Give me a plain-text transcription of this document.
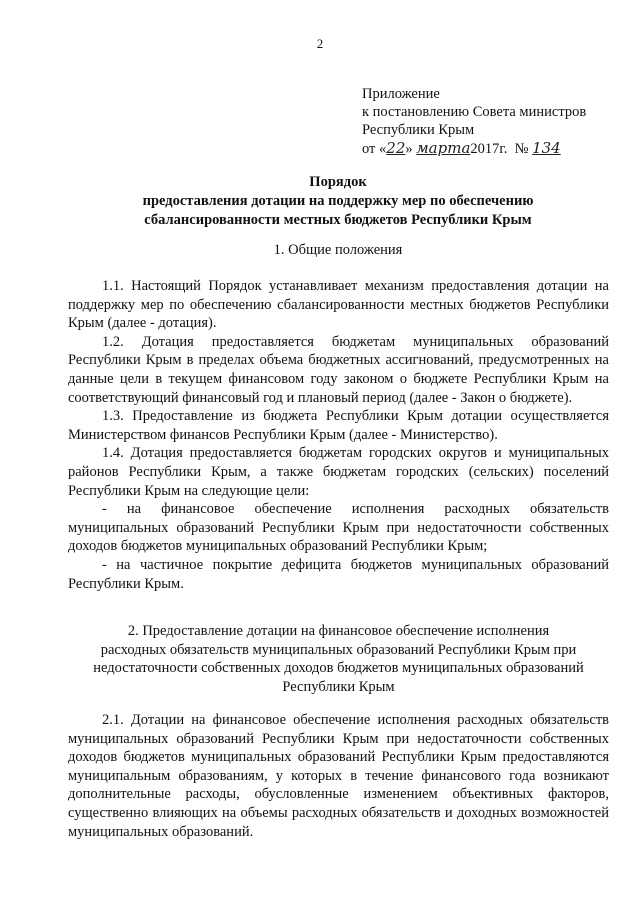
2
Приложение
к постановлению Совета министров
Республики Крым
от «22» марта2017г. № 134
Порядок
предоставления дотации на поддержку мер по обеспечению
сбалансированности местных бюджетов Республики Крым
1. Общие положения

1.1. Настоящий Порядок устанавливает механизм предоставления дотации на поддержку мер по обеспечению сбалансированности местных бюджетов Республики Крым (далее - дотация).

1.2. Дотация предоставляется бюджетам муниципальных образований Республики Крым в пределах объема бюджетных ассигнований, предусмотренных на данные цели в текущем финансовом году законом о бюджете Республики Крым на соответствующий финансовый год и плановый период (далее - Закон о бюджете).

1.3. Предоставление из бюджета Республики Крым дотации осуществляется Министерством финансов Республики Крым (далее - Министерство).

1.4. Дотация предоставляется бюджетам городских округов и муниципальных районов Республики Крым, а также бюджетам городских (сельских) поселений Республики Крым на следующие цели:

- на финансовое обеспечение исполнения расходных обязательств муниципальных образований Республики Крым при недостаточности собственных доходов бюджетов муниципальных образований Республики Крым;

- на частичное покрытие дефицита бюджетов муниципальных образований Республики Крым.

2. Предоставление дотации на финансовое обеспечение исполнения
расходных обязательств муниципальных образований Республики Крым при
недостаточности собственных доходов бюджетов муниципальных образований
Республики Крым

2.1. Дотации на финансовое обеспечение исполнения расходных обязательств муниципальных образований Республики Крым при недостаточности собственных доходов бюджетов муниципальных образований Республики Крым предоставляются муниципальным образованиям, у которых в течение финансового года возникают дополнительные расходы, обусловленные изменением объективных факторов, существенно влияющих на объемы расходных обязательств и доходных возможностей муниципальных образований.
